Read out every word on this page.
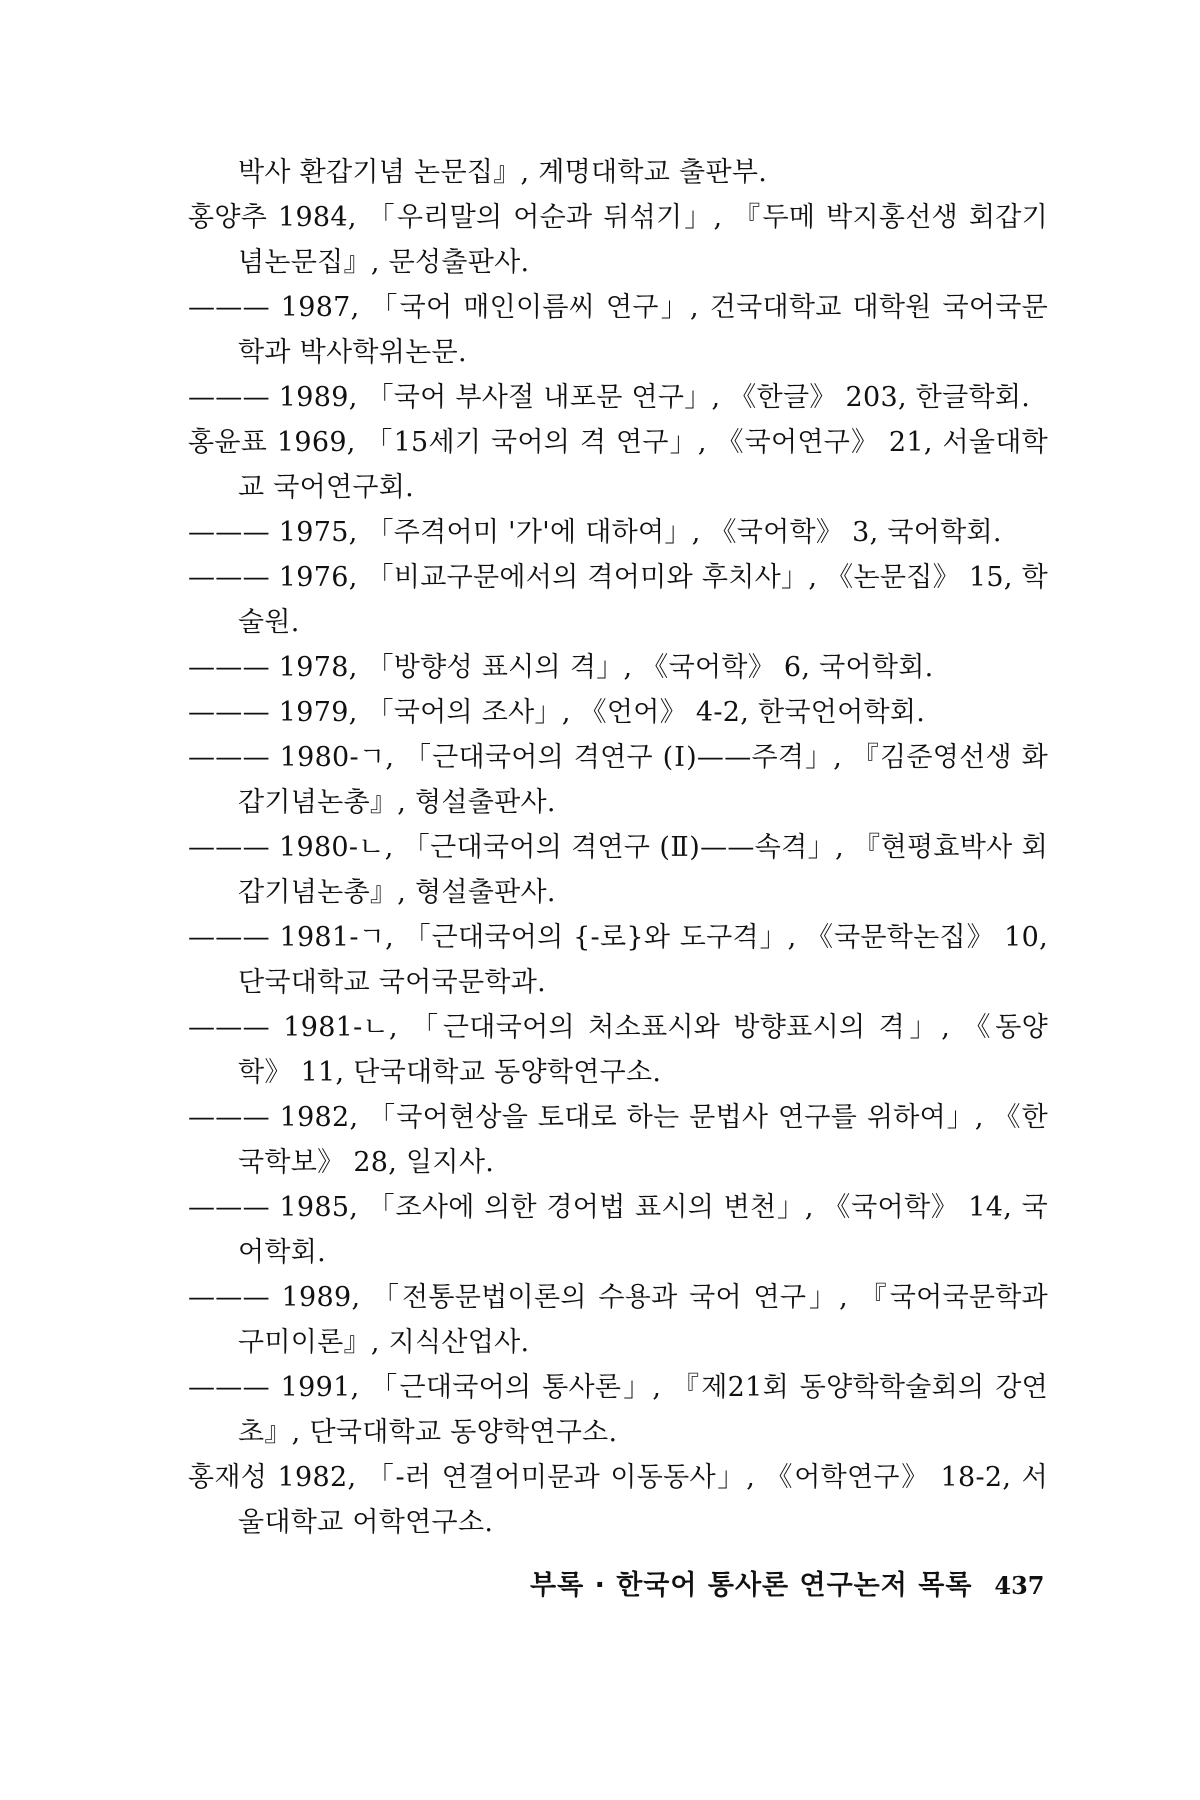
박사 환갑기념 논문집』, 계명대학교 출판부.

홍양추 1984, 「우리말의 어순과 뒤섞기」, 『두메 박지홍선생 회갑기념논문집』, 문성출판사.

——— 1987, 「국어 매인이름씨 연구」, 건국대학교 대학원 국어국문학과 박사학위논문.

——— 1989, 「국어 부사절 내포문 연구」, 《한글》 203, 한글학회.

홍윤표 1969, 「15세기 국어의 격 연구」, 《국어연구》 21, 서울대학교 국어연구회.

——— 1975, 「주격어미 '가'에 대하여」, 《국어학》 3, 국어학회.

——— 1976, 「비교구문에서의 격어미와 후치사」, 《논문집》 15, 학술원.

——— 1978, 「방향성 표시의 격」, 《국어학》 6, 국어학회.

——— 1979, 「국어의 조사」, 《언어》 4-2, 한국언어학회.

——— 1980-ㄱ, 「근대국어의 격연구 (Ⅰ)——주격」, 『김준영선생 화갑기념논총』, 형설출판사.

——— 1980-ㄴ, 「근대국어의 격연구 (Ⅱ)——속격」, 『현평효박사 회갑기념논총』, 형설출판사.

——— 1981-ㄱ, 「근대국어의 {-로}와 도구격」, 《국문학논집》 10, 단국대학교 국어국문학과.

——— 1981-ㄴ, 「근대국어의 처소표시와 방향표시의 격」, 《동양학》 11, 단국대학교 동양학연구소.

——— 1982, 「국어현상을 토대로 하는 문법사 연구를 위하여」, 《한국학보》 28, 일지사.

——— 1985, 「조사에 의한 경어법 표시의 변천」, 《국어학》 14, 국어학회.

——— 1989, 「전통문법이론의 수용과 국어 연구」, 『국어국문학과 구미이론』, 지식산업사.

——— 1991, 「근대국어의 통사론」, 『제21회 동양학학술회의 강연초』, 단국대학교 동양학연구소.

홍재성 1982, 「-러 연결어미문과 이동동사」, 《어학연구》 18-2, 서울대학교 어학연구소.

부록 · 한국어 통사론 연구논저 목록 437
